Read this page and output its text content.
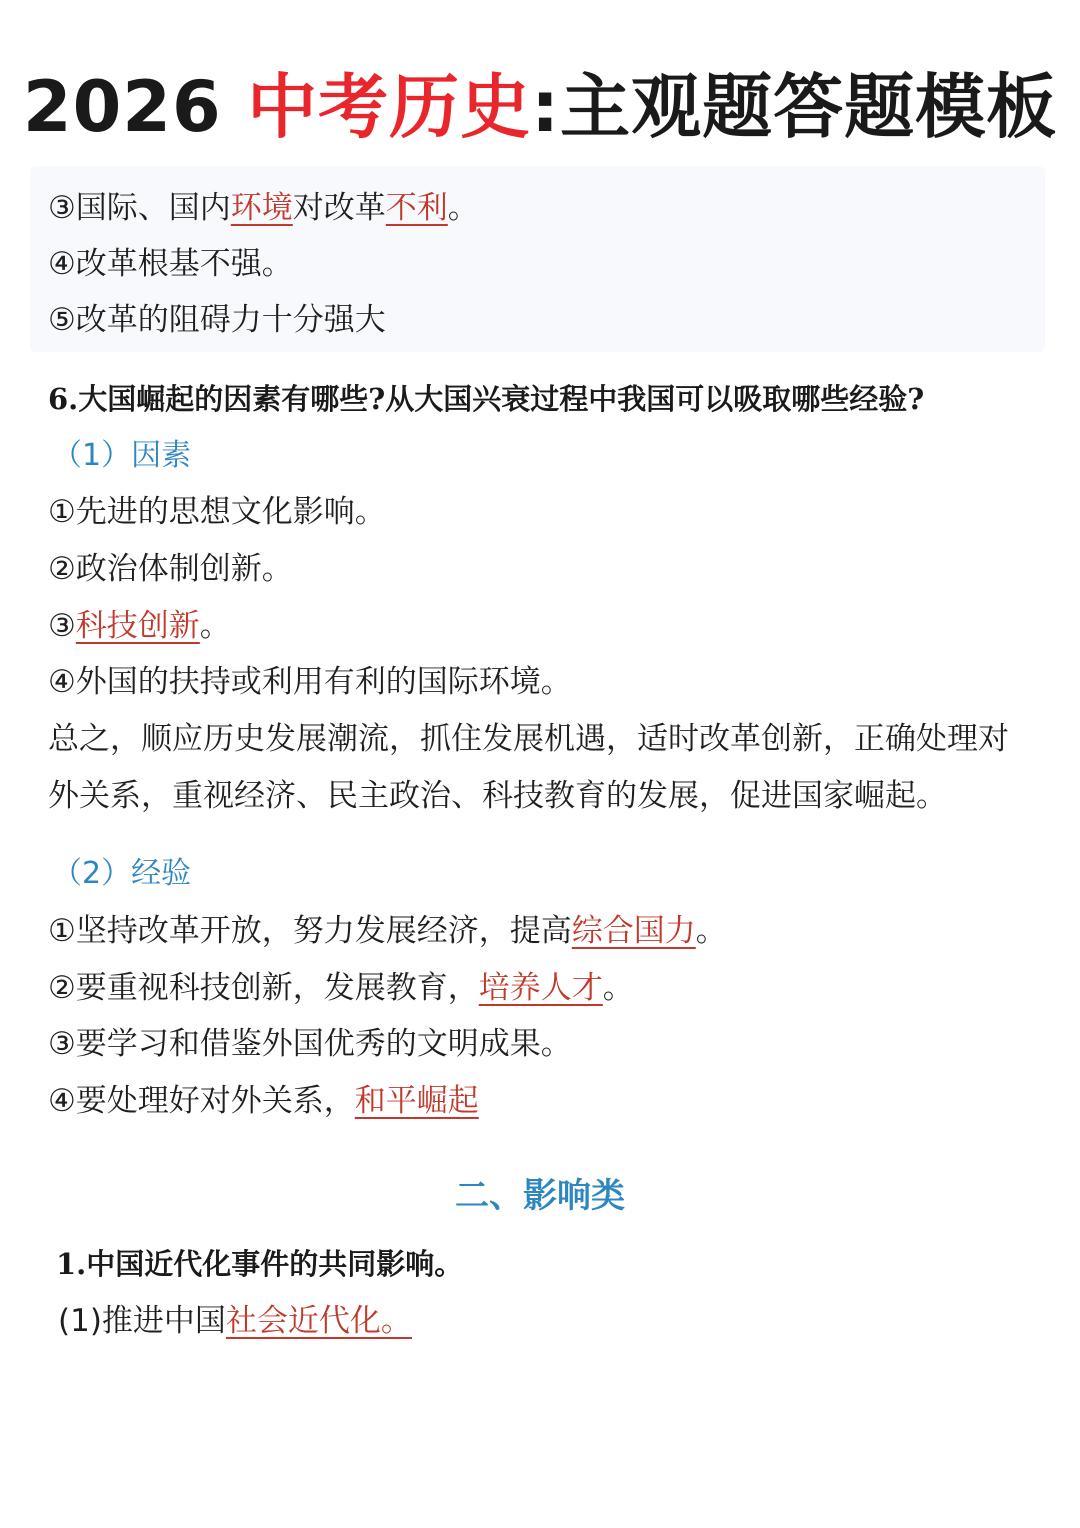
2026 中考历史:主观题答题模板
③国际、国内环境对改革不利。
④改革根基不强。
⑤改革的阻碍力十分强大
6.大国崛起的因素有哪些?从大国兴衰过程中我国可以吸取哪些经验?
（1）因素
①先进的思想文化影响。
②政治体制创新。
③科技创新。
④外国的扶持或利用有利的国际环境。
总之，顺应历史发展潮流，抓住发展机遇，适时改革创新，正确处理对
外关系，重视经济、民主政治、科技教育的发展，促进国家崛起。
（2）经验
①坚持改革开放，努力发展经济，提高综合国力。
②要重视科技创新，发展教育，培养人才。
③要学习和借鉴外国优秀的文明成果。
④要处理好对外关系，和平崛起
二、影响类
1.中国近代化事件的共同影响。
(1)推进中国社会近代化。
